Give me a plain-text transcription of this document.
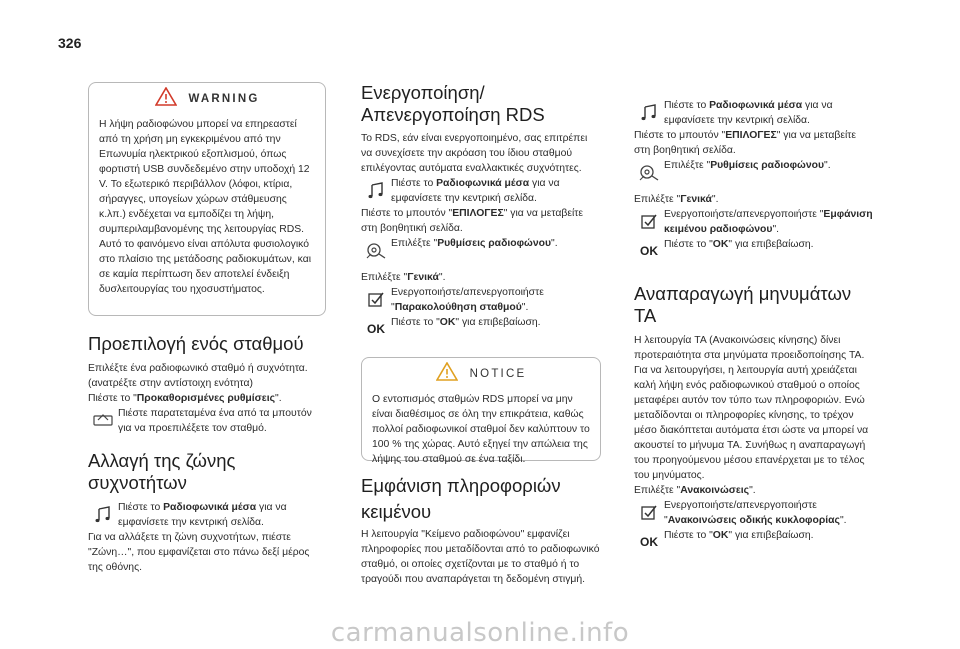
326
WARNING

Η λήψη ραδιοφώνου μπορεί να επηρεαστεί από τη χρήση μη εγκεκριμένου από την Επωνυμία ηλεκτρικού εξοπλισμού, όπως φορτιστή USB συνδεδεμένο στην υποδοχή 12 V. Το εξωτερικό περιβάλλον (λόφοι, κτίρια, σήραγγες, υπογείων χώρων στάθμευσης κ.λπ.) ενδέχεται να εμποδίζει τη λήψη, συμπεριλαμβανομένης της λειτουργίας RDS. Αυτό το φαινόμενο είναι απόλυτα φυσιολογικό στο πλαίσιο της μετάδοσης ραδιοκυμάτων, και σε καμία περίπτωση δεν αποτελεί ένδειξη δυσλειτουργίας του ηχοσυστήματος.

Προεπιλογή ενός σταθμού

Επιλέξτε ένα ραδιοφωνικό σταθμό ή συχνότητα.

(ανατρέξτε στην αντίστοιχη ενότητα)

Πιέστε το "Προκαθορισμένες ρυθμίσεις".

Πιέστε παρατεταμένα ένα από τα μπουτόν για να προεπιλέξετε τον σταθμό.

Αλλαγή της ζώνης συχνοτήτων

Πιέστε το Ραδιοφωνικά μέσα για να εμφανίσετε την κεντρική σελίδα.

Για να αλλάξετε τη ζώνη συχνοτήτων, πιέστε "Ζώνη…", που εμφανίζεται στο πάνω δεξί μέρος της οθόνης.

Ενεργοποίηση/
Απενεργοποίηση RDS

Το RDS, εάν είναι ενεργοποιημένο, σας επιτρέπει να συνεχίσετε την ακρόαση του ίδιου σταθμού επιλέγοντας αυτόματα εναλλακτικές συχνότητες.

Πιέστε το Ραδιοφωνικά μέσα για να εμφανίσετε την κεντρική σελίδα.

Πιέστε το μπουτόν "ΕΠΙΛΟΓΕΣ" για να μεταβείτε στη βοηθητική σελίδα.

Επιλέξτε "Ρυθμίσεις ραδιοφώνου".

Επιλέξτε "Γενικά".

Ενεργοποιήστε/απενεργοποιήστε "Παρακολούθηση σταθμού".

OK Πιέστε το "OK" για επιβεβαίωση.

NOTICE

Ο εντοπισμός σταθμών RDS μπορεί να μην είναι διαθέσιμος σε όλη την επικράτεια, καθώς πολλοί ραδιοφωνικοί σταθμοί δεν καλύπτουν το 100 % της χώρας. Αυτό εξηγεί την απώλεια της λήψης του σταθμού σε ένα ταξίδι.

Εμφάνιση πληροφοριών
κειμένου

Η λειτουργία "Κείμενο ραδιοφώνου" εμφανίζει πληροφορίες που μεταδίδονται από το ραδιοφωνικό σταθμό, οι οποίες σχετίζονται με το σταθμό ή το τραγούδι που αναπαράγεται τη δεδομένη στιγμή.

Πιέστε το Ραδιοφωνικά μέσα για να εμφανίσετε την κεντρική σελίδα.

Πιέστε το μπουτόν "ΕΠΙΛΟΓΕΣ" για να μεταβείτε στη βοηθητική σελίδα.

Επιλέξτε "Ρυθμίσεις ραδιοφώνου".

Επιλέξτε "Γενικά".

Ενεργοποιήστε/απενεργοποιήστε "Εμφάνιση κειμένου ραδιοφώνου".

OK Πιέστε το "OK" για επιβεβαίωση.

Αναπαραγωγή μηνυμάτων TA

Η λειτουργία TA (Ανακοινώσεις κίνησης) δίνει προτεραιότητα στα μηνύματα προειδοποίησης TA. Για να λειτουργήσει, η λειτουργία αυτή χρειάζεται καλή λήψη ενός ραδιοφωνικού σταθμού ο οποίος μεταφέρει αυτόν τον τύπο των πληροφοριών. Ενώ μεταδίδονται οι πληροφορίες κίνησης, το τρέχον μέσο διακόπτεται αυτόματα έτσι ώστε να μπορεί να ακουστεί το μήνυμα TA. Συνήθως η αναπαραγωγή του προηγούμενου μέσου επανέρχεται με το τέλος του μηνύματος.

Επιλέξτε "Ανακοινώσεις".

Ενεργοποιήστε/απενεργοποιήστε "Ανακοινώσεις οδικής κυκλοφορίας".

OK Πιέστε το "OK" για επιβεβαίωση.

carmanualsonline.info
